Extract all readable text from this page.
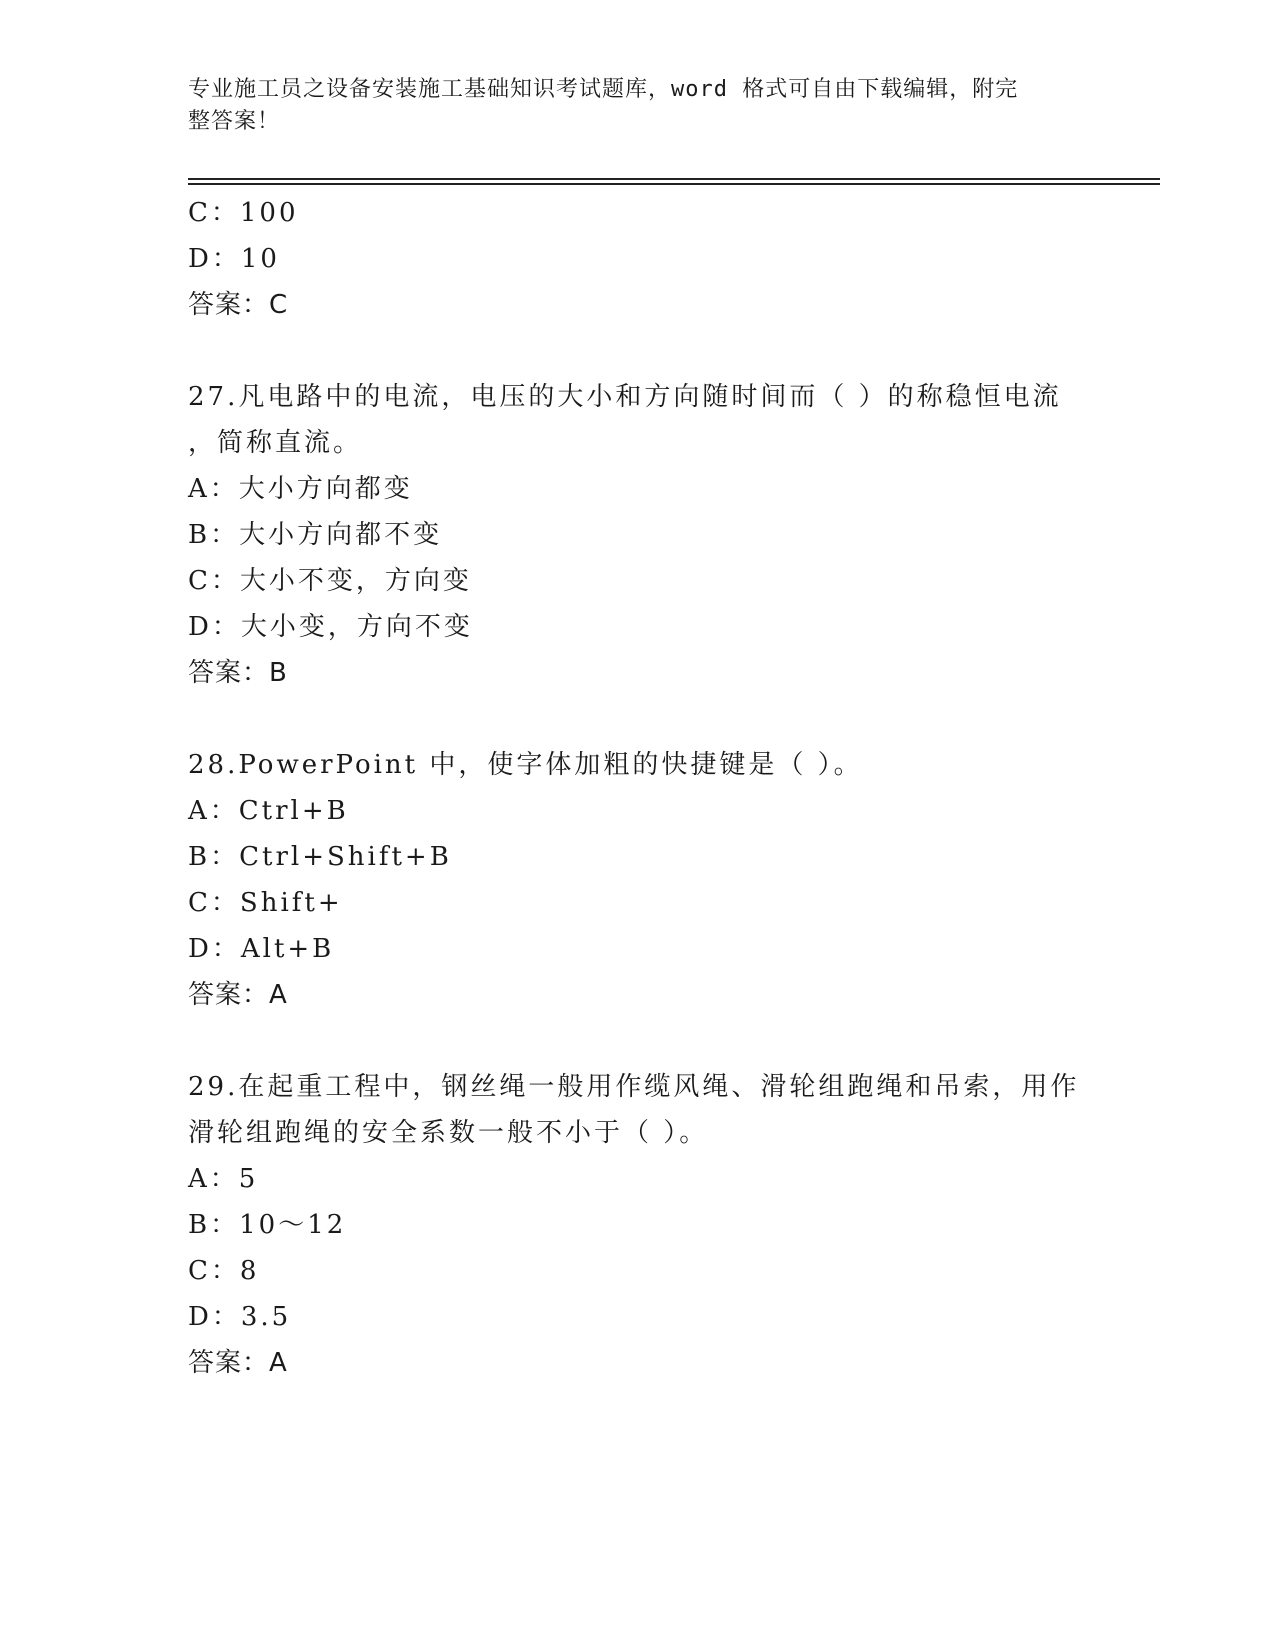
专业施工员之设备安装施工基础知识考试题库，word 格式可自由下载编辑，附完
整答案！
C：100
D：10
答案：C
27.凡电路中的电流，电压的大小和方向随时间而（ ）的称稳恒电流
，简称直流。
A：大小方向都变
B：大小方向都不变
C：大小不变，方向变
D：大小变，方向不变
答案：B
28.PowerPoint 中，使字体加粗的快捷键是（ ）。
A：Ctrl+B
B：Ctrl+Shift+B
C：Shift+
D：Alt+B
答案：A
29.在起重工程中，钢丝绳一般用作缆风绳、滑轮组跑绳和吊索，用作
滑轮组跑绳的安全系数一般不小于（ ）。
A：5
B：10～12
C：8
D：3.5
答案：A
